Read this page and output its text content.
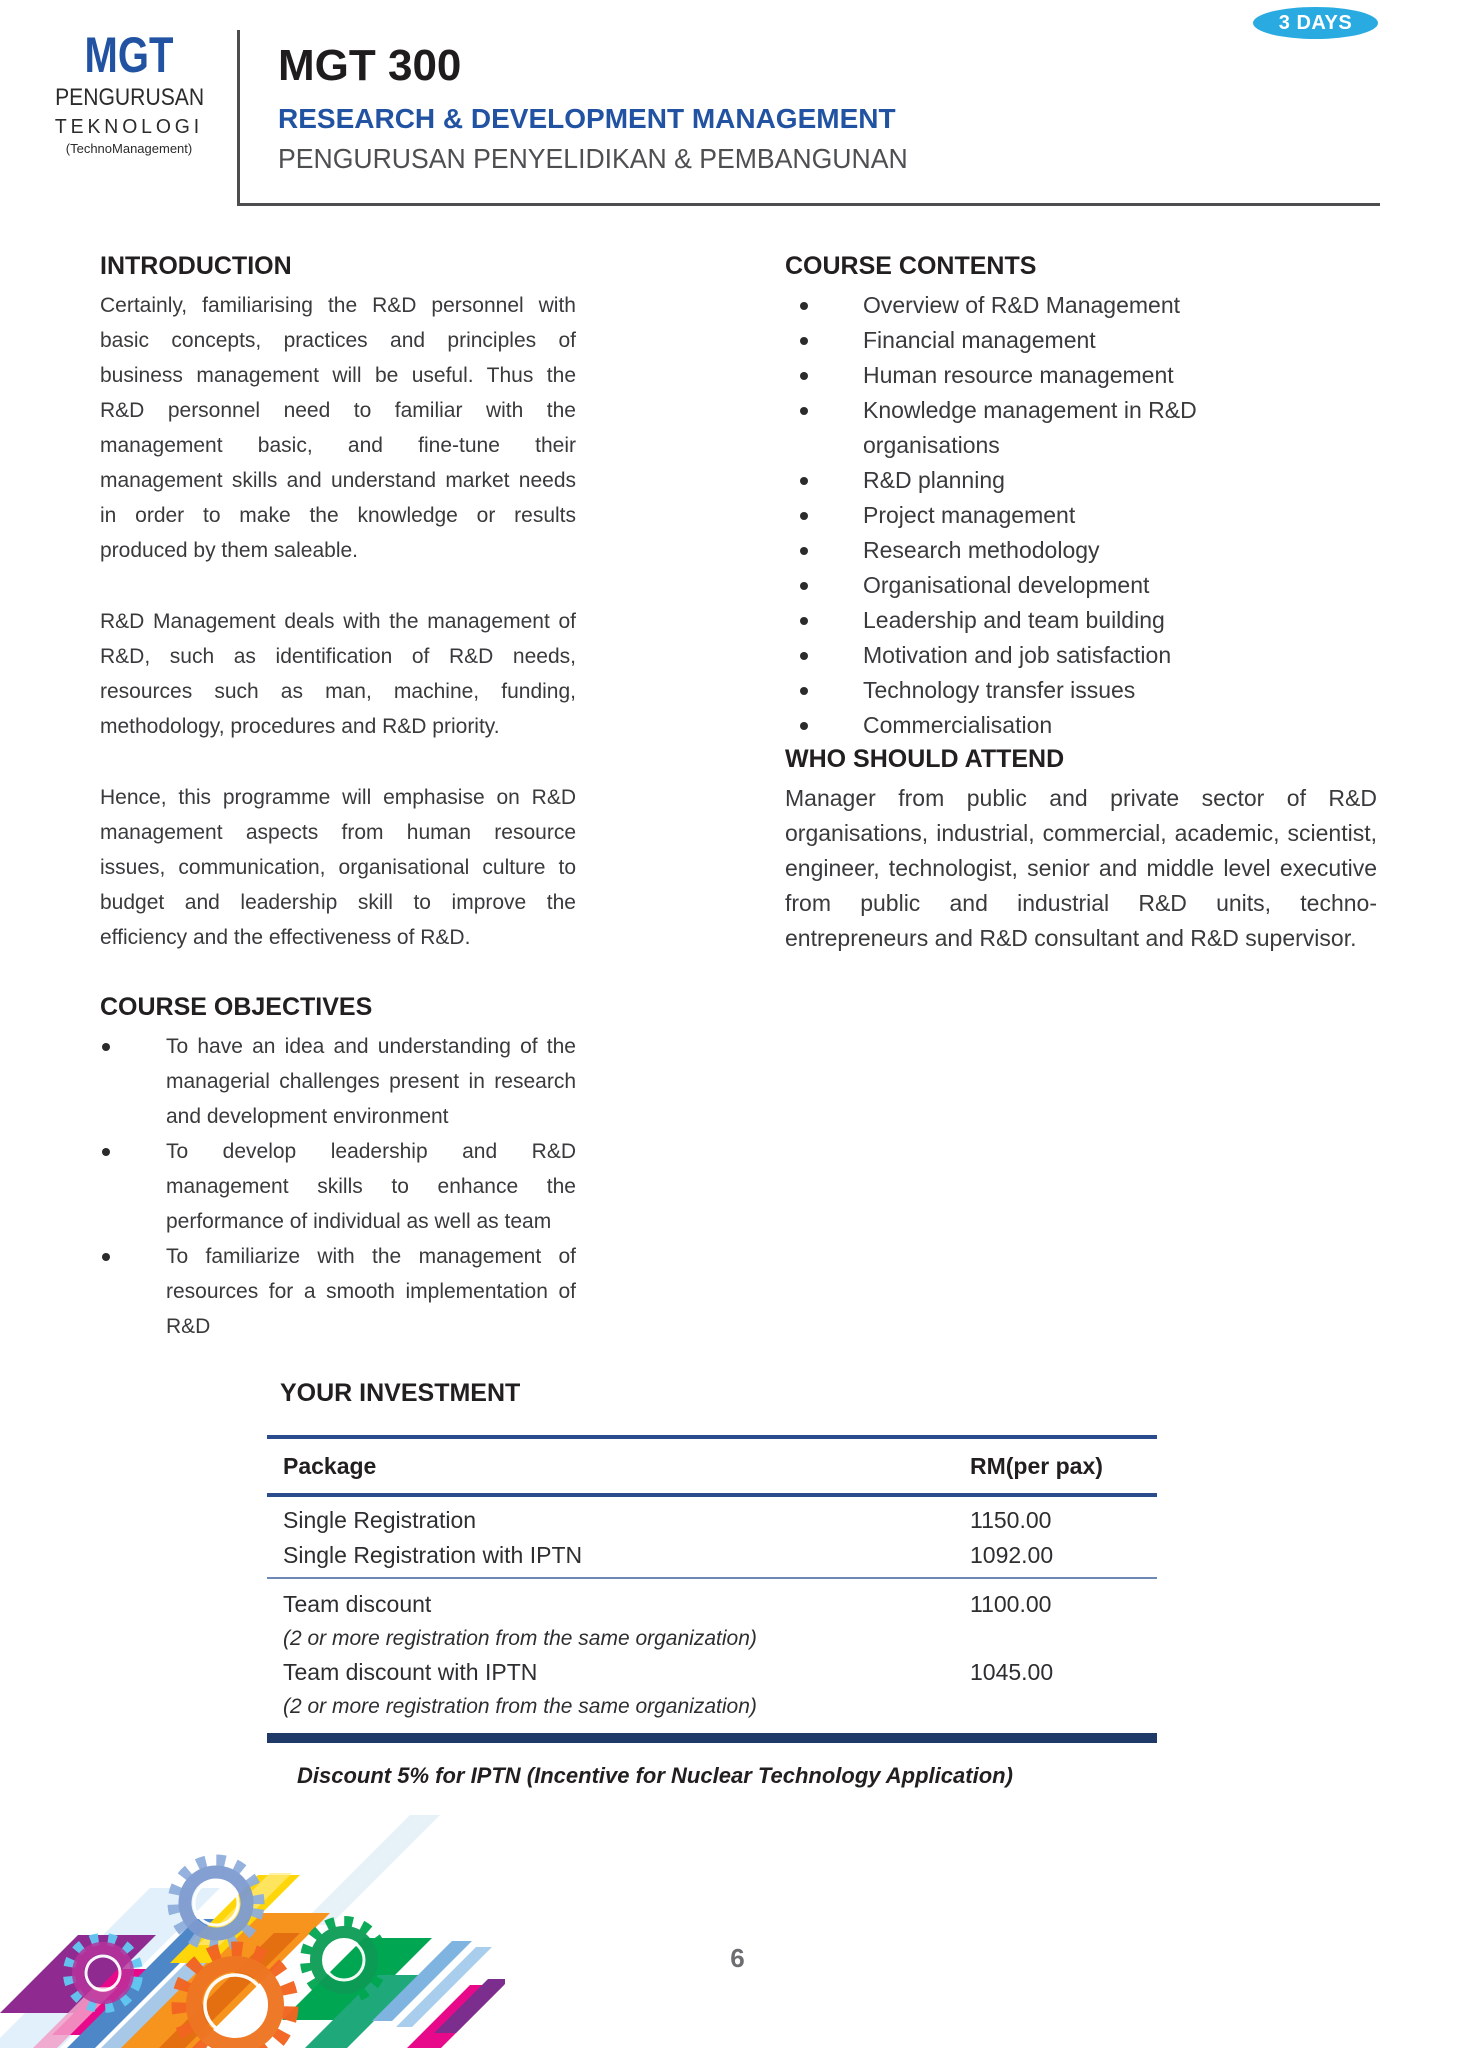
MGT
PENGURUSAN
TEKNOLOGI
(TechnoManagement)
MGT 300
RESEARCH & DEVELOPMENT MANAGEMENT
PENGURUSAN PENYELIDIKAN & PEMBANGUNAN
3 DAYS
INTRODUCTION

Certainly, familiarising the R&D personnel with basic concepts, practices and principles of business management will be useful. Thus the R&D personnel need to familiar with the management basic, and fine-tune their management skills and understand market needs in order to make the knowledge or results produced by them saleable.

R&D Management deals with the management of R&D, such as identification of R&D needs, resources such as man, machine, funding, methodology, procedures and R&D priority.

Hence, this programme will emphasise on R&D management aspects from human resource issues, communication, organisational culture to budget and leadership skill to improve the efficiency and the effectiveness of R&D.

COURSE OBJECTIVES
To have an idea and understanding of the managerial challenges present in research and development environment
To develop leadership and R&D management skills to enhance the performance of individual as well as team
To familiarize with the management of resources for a smooth implementation of R&D
COURSE CONTENTS
Overview of R&D Management
Financial management
Human resource management
Knowledge management in R&D
organisations
R&D planning
Project management
Research methodology
Organisational development
Leadership and team building
Motivation and job satisfaction
Technology transfer issues
Commercialisation
WHO SHOULD ATTEND

Manager from public and private sector of R&D organisations, industrial, commercial, academic, scientist, engineer, technologist, senior and middle level executive from public and industrial R&D units, techno-entrepreneurs and R&D consultant and R&D supervisor.

YOUR INVESTMENT
Package	RM(per pax)
Single Registration	1150.00
Single Registration with IPTN	1092.00
Team discount	1100.00
(2 or more registration from the same organization)
Team discount with IPTN	1045.00
(2 or more registration from the same organization)

Discount 5% for IPTN (Incentive for Nuclear Technology Application)

6
